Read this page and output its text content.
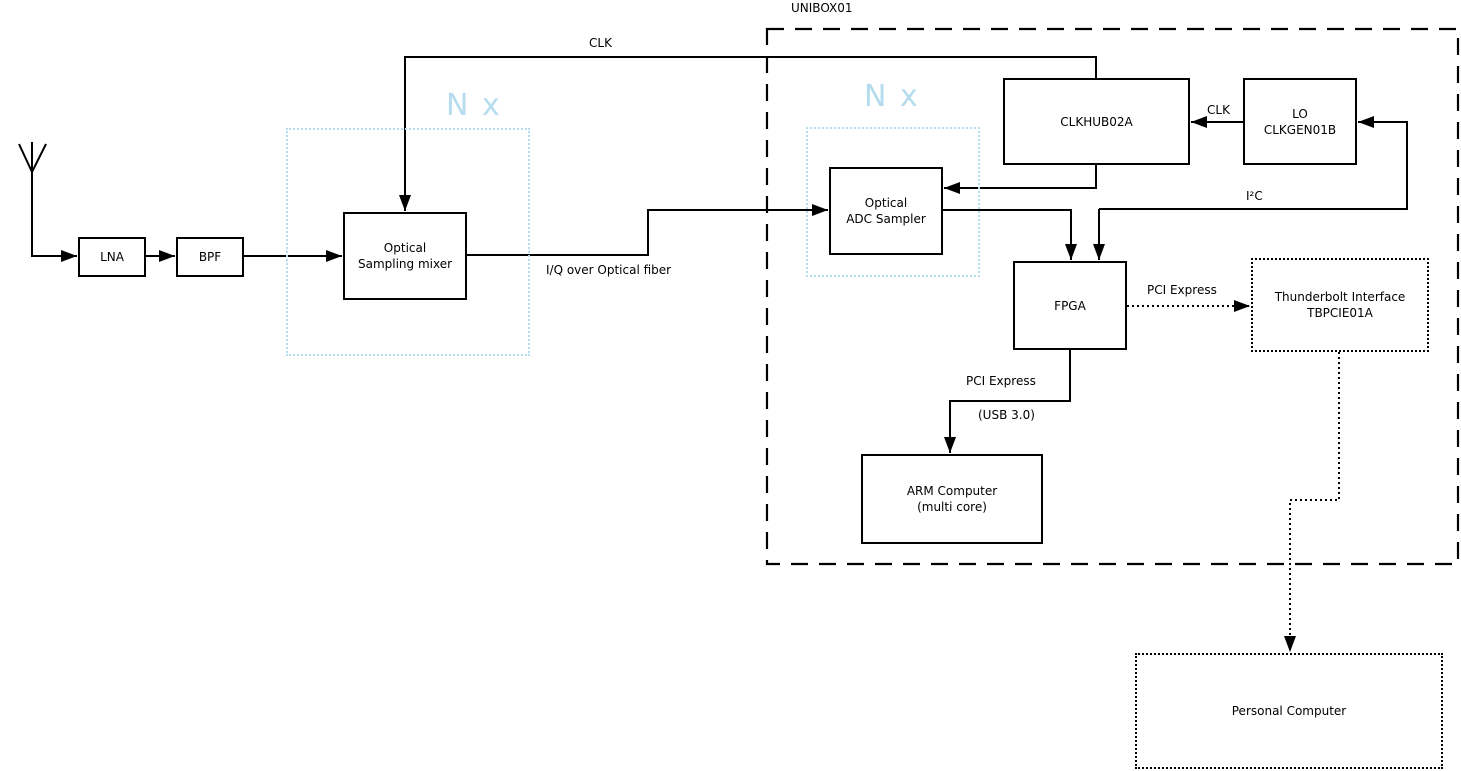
N x	N x
UNIBOX01
LNA	BPF
Optical
Sampling mixer
Optical
ADC Sampler
CLKHUB02A
LO
CLKGEN01B
FPGA
ARM Computer
(multi core)
Thunderbolt Interface
TBPCIE01A
Personal Computer
CLK
I/Q over Optical fiber
CLK
I²C
PCI Express
PCI Express
(USB 3.0)
